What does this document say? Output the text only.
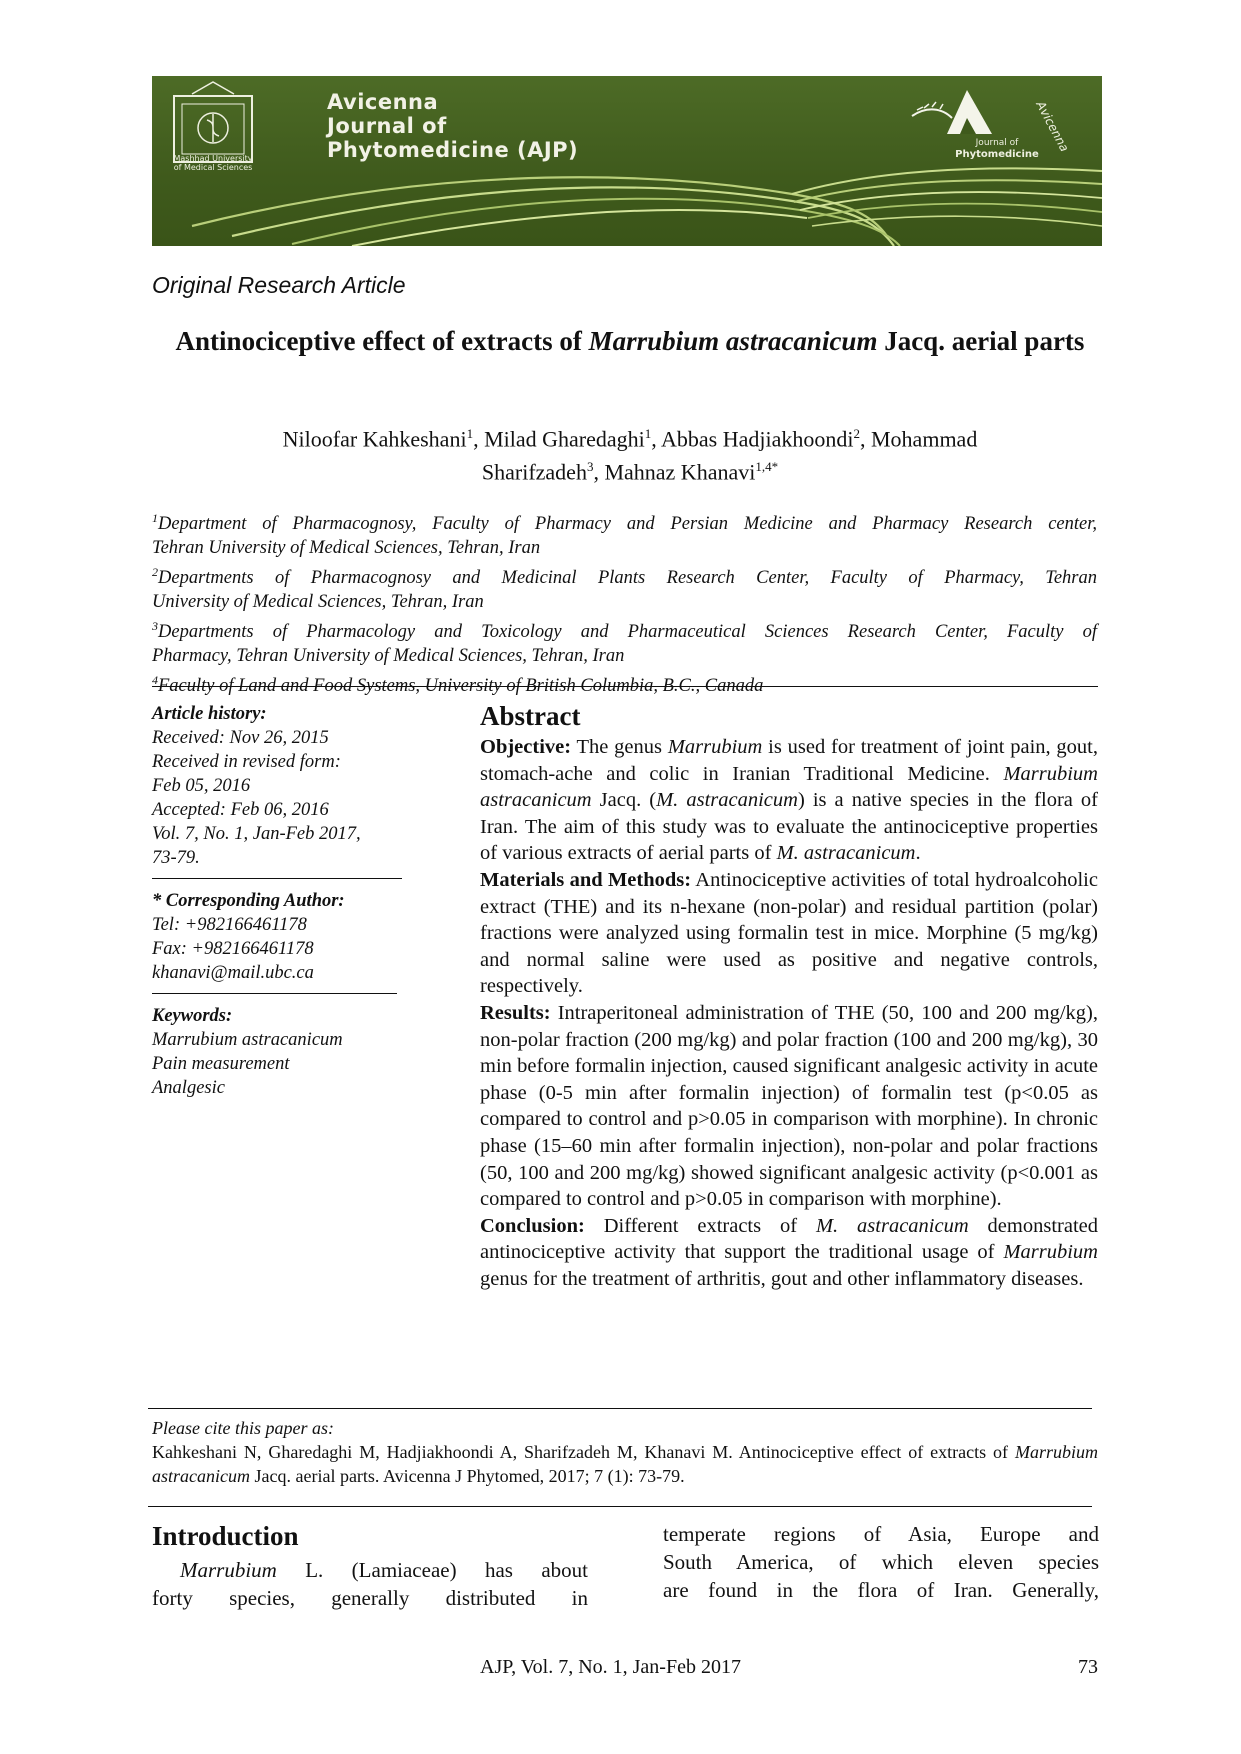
Avicenna
Journal of
Phytomedicine (AJP)
Mashhad University
of Medical Sciences
Avicenna
Journal of
Phytomedicine
Original Research Article
Antinociceptive effect of extracts of Marrubium astracanicum Jacq. aerial parts
Niloofar Kahkeshani$^1$, Milad Gharedaghi$^1$, Abbas Hadjiakhoondi$^2$, Mohammad
Sharifzadeh$^3$, Mahnaz Khanavi$^{1,4*}$
$^1$Department of Pharmacognosy, Faculty of Pharmacy and Persian Medicine and Pharmacy Research center,
Tehran University of Medical Sciences, Tehran, Iran
$^2$Departments of Pharmacognosy and Medicinal Plants Research Center, Faculty of Pharmacy, Tehran
University of Medical Sciences, Tehran, Iran
$^3$Departments of Pharmacology and Toxicology and Pharmaceutical Sciences Research Center, Faculty of
Pharmacy, Tehran University of Medical Sciences, Tehran, Iran
$^4$Faculty of Land and Food Systems, University of British Columbia, B.C., Canada
Article history:
Received: Nov 26, 2015
Received in revised form:
Feb 05, 2016
Accepted: Feb 06, 2016
Vol. 7, No. 1, Jan-Feb 2017,
73-79.
* Corresponding Author:
Tel: +982166461178
Fax: +982166461178
khanavi@mail.ubc.ca
Keywords:
Marrubium astracanicum
Pain measurement
Analgesic
Abstract

Objective: The genus Marrubium is used for treatment of joint pain, gout, stomach-ache and colic in Iranian Traditional Medicine. Marrubium astracanicum Jacq. (M. astracanicum) is a native species in the flora of Iran. The aim of this study was to evaluate the antinociceptive properties of various extracts of aerial parts of M. astracanicum.

Materials and Methods: Antinociceptive activities of total hydroalcoholic extract (THE) and its n-hexane (non-polar) and residual partition (polar) fractions were analyzed using formalin test in mice. Morphine (5 mg/kg) and normal saline were used as positive and negative controls, respectively.

Results: Intraperitoneal administration of THE (50, 100 and 200 mg/kg), non-polar fraction (200 mg/kg) and polar fraction (100 and 200 mg/kg), 30 min before formalin injection, caused significant analgesic activity in acute phase (0-5 min after formalin injection) of formalin test (p<0.05 as compared to control and p>0.05 in comparison with morphine). In chronic phase (15–60 min after formalin injection), non-polar and polar fractions (50, 100 and 200 mg/kg) showed significant analgesic activity (p<0.001 as compared to control and p>0.05 in comparison with morphine).

Conclusion: Different extracts of M. astracanicum demonstrated antinociceptive activity that support the traditional usage of Marrubium genus for the treatment of arthritis, gout and other inflammatory diseases.

Please cite this paper as:
Kahkeshani N, Gharedaghi M, Hadjiakhoondi A, Sharifzadeh M, Khanavi M. Antinociceptive effect of extracts of Marrubium astracanicum Jacq. aerial parts. Avicenna J Phytomed, 2017; 7 (1): 73-79.
Introduction
Marrubium L. (Lamiaceae) has about
forty species, generally distributed in
temperate regions of Asia, Europe and
South America, of which eleven species
are found in the flora of Iran. Generally,
AJP, Vol. 7, No. 1, Jan-Feb 2017	73
